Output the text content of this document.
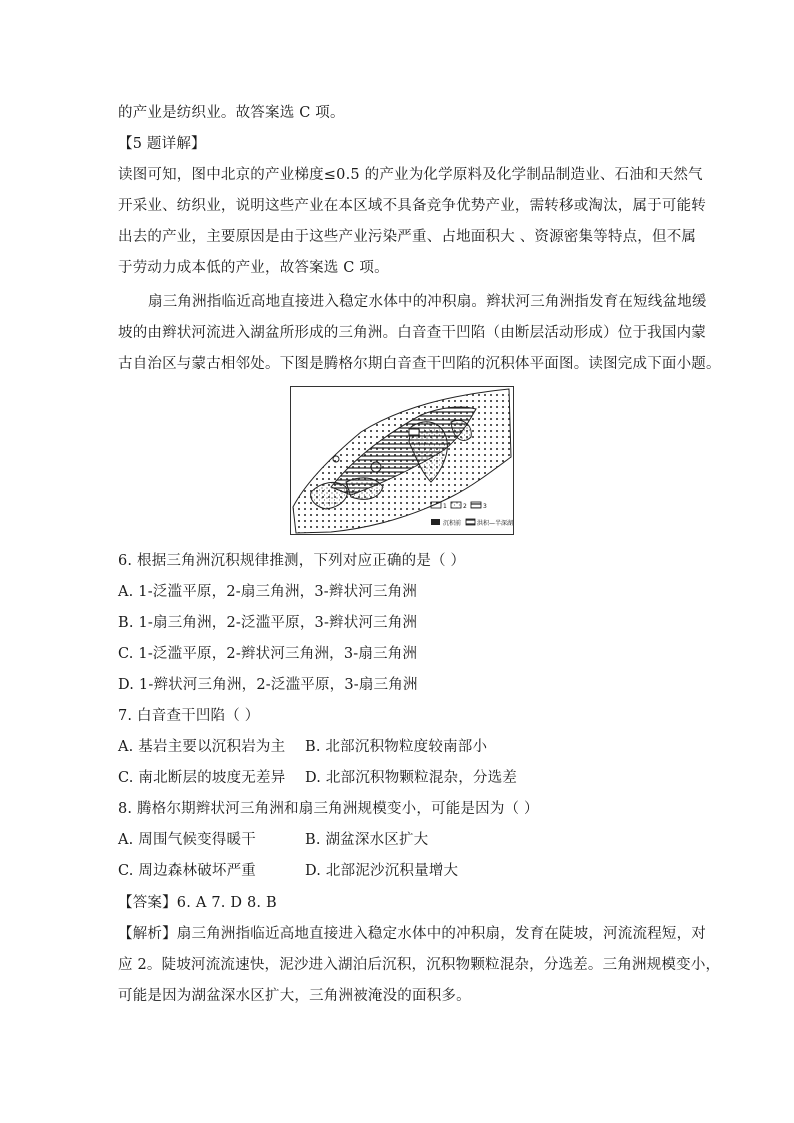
的产业是纺织业。故答案选 C 项。
【5 题详解】
读图可知，图中北京的产业梯度≤0.5 的产业为化学原料及化学制品制造业、石油和天然气
开采业、纺织业，说明这些产业在本区域不具备竞争优势产业，需转移或淘汰，属于可能转
出去的产业，主要原因是由于这些产业污染严重、占地面积大 、资源密集等特点，但不属
于劳动力成本低的产业，故答案选 C 项。
扇三角洲指临近高地直接进入稳定水体中的冲积扇。辫状河三角洲指发育在短线盆地缓
坡的由辫状河流进入湖盆所形成的三角洲。白音查干凹陷（由断层活动形成）位于我国内蒙
古自治区与蒙古相邻处。下图是腾格尔期白音查干凹陷的沉积体平面图。读图完成下面小题。
1	2	3
沉积前	洪积—半深湖
6. 根据三角洲沉积规律推测，下列对应正确的是（ ）
A. 1-泛滥平原，2-扇三角洲，3-辫状河三角洲
B. 1-扇三角洲，2-泛滥平原，3-辫状河三角洲
C. 1-泛滥平原，2-辫状河三角洲，3-扇三角洲
D. 1-辫状河三角洲，2-泛滥平原，3-扇三角洲
7. 白音查干凹陷（ ）
A. 基岩主要以沉积岩为主 B. 北部沉积物粒度较南部小
C. 南北断层的坡度无差异 D. 北部沉积物颗粒混杂，分选差
8. 腾格尔期辫状河三角洲和扇三角洲规模变小，可能是因为（ ）
A. 周围气候变得暖干	B. 湖盆深水区扩大
C. 周边森林破坏严重	D. 北部泥沙沉积量增大
【答案】6. A 7. D 8. B
【解析】扇三角洲指临近高地直接进入稳定水体中的冲积扇，发育在陡坡，河流流程短，对
应 2。陡坡河流流速快，泥沙进入湖泊后沉积，沉积物颗粒混杂，分选差。三角洲规模变小，
可能是因为湖盆深水区扩大，三角洲被淹没的面积多。
